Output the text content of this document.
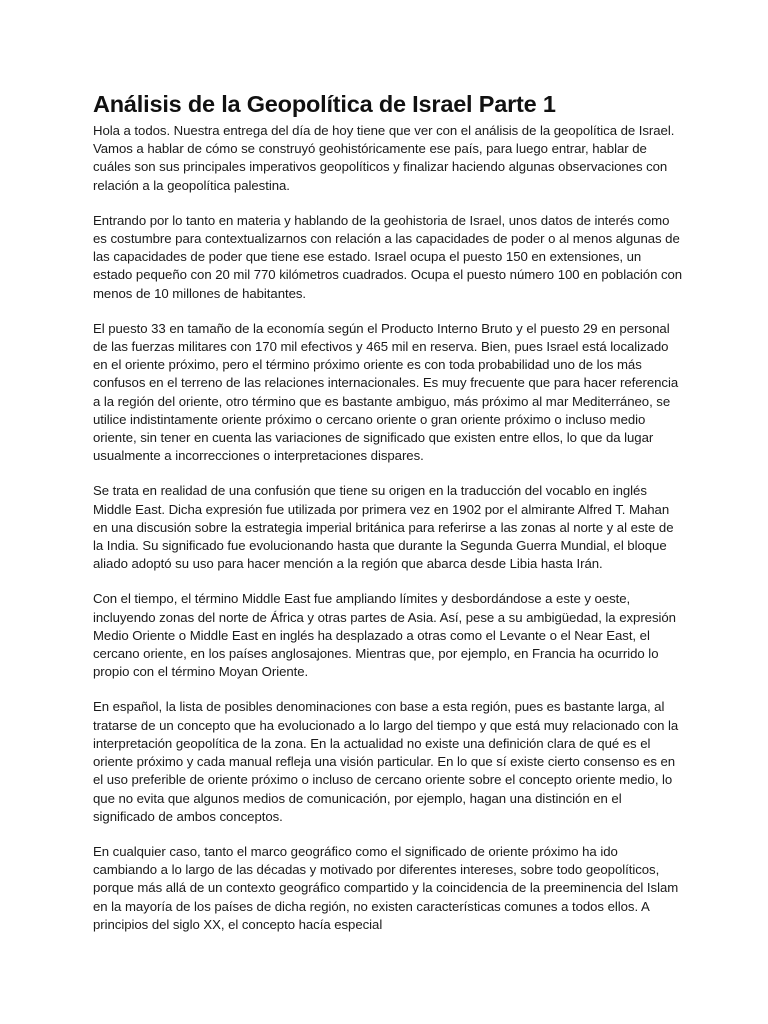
Análisis de la Geopolítica de Israel Parte 1

Hola a todos. Nuestra entrega del día de hoy tiene que ver con el análisis de la geopolítica de Israel. Vamos a hablar de cómo se construyó geohistóricamente ese país, para luego entrar, hablar de cuáles son sus principales imperativos geopolíticos y finalizar haciendo algunas observaciones con relación a la geopolítica palestina.

Entrando por lo tanto en materia y hablando de la geohistoria de Israel, unos datos de interés como es costumbre para contextualizarnos con relación a las capacidades de poder o al menos algunas de las capacidades de poder que tiene ese estado. Israel ocupa el puesto 150 en extensiones, un estado pequeño con 20 mil 770 kilómetros cuadrados. Ocupa el puesto número 100 en población con menos de 10 millones de habitantes.

El puesto 33 en tamaño de la economía según el Producto Interno Bruto y el puesto 29 en personal de las fuerzas militares con 170 mil efectivos y 465 mil en reserva. Bien, pues Israel está localizado en el oriente próximo, pero el término próximo oriente es con toda probabilidad uno de los más confusos en el terreno de las relaciones internacionales. Es muy frecuente que para hacer referencia a la región del oriente, otro término que es bastante ambiguo, más próximo al mar Mediterráneo, se utilice indistintamente oriente próximo o cercano oriente o gran oriente próximo o incluso medio oriente, sin tener en cuenta las variaciones de significado que existen entre ellos, lo que da lugar usualmente a incorrecciones o interpretaciones dispares.

Se trata en realidad de una confusión que tiene su origen en la traducción del vocablo en inglés Middle East. Dicha expresión fue utilizada por primera vez en 1902 por el almirante Alfred T. Mahan en una discusión sobre la estrategia imperial británica para referirse a las zonas al norte y al este de la India. Su significado fue evolucionando hasta que durante la Segunda Guerra Mundial, el bloque aliado adoptó su uso para hacer mención a la región que abarca desde Libia hasta Irán.

Con el tiempo, el término Middle East fue ampliando límites y desbordándose a este y oeste, incluyendo zonas del norte de África y otras partes de Asia. Así, pese a su ambigüedad, la expresión Medio Oriente o Middle East en inglés ha desplazado a otras como el Levante o el Near East, el cercano oriente, en los países anglosajones. Mientras que, por ejemplo, en Francia ha ocurrido lo propio con el término Moyan Oriente.

En español, la lista de posibles denominaciones con base a esta región, pues es bastante larga, al tratarse de un concepto que ha evolucionado a lo largo del tiempo y que está muy relacionado con la interpretación geopolítica de la zona. En la actualidad no existe una definición clara de qué es el oriente próximo y cada manual refleja una visión particular. En lo que sí existe cierto consenso es en el uso preferible de oriente próximo o incluso de cercano oriente sobre el concepto oriente medio, lo que no evita que algunos medios de comunicación, por ejemplo, hagan una distinción en el significado de ambos conceptos.

En cualquier caso, tanto el marco geográfico como el significado de oriente próximo ha ido cambiando a lo largo de las décadas y motivado por diferentes intereses, sobre todo geopolíticos, porque más allá de un contexto geográfico compartido y la coincidencia de la preeminencia del Islam en la mayoría de los países de dicha región, no existen características comunes a todos ellos. A principios del siglo XX, el concepto hacía especial
